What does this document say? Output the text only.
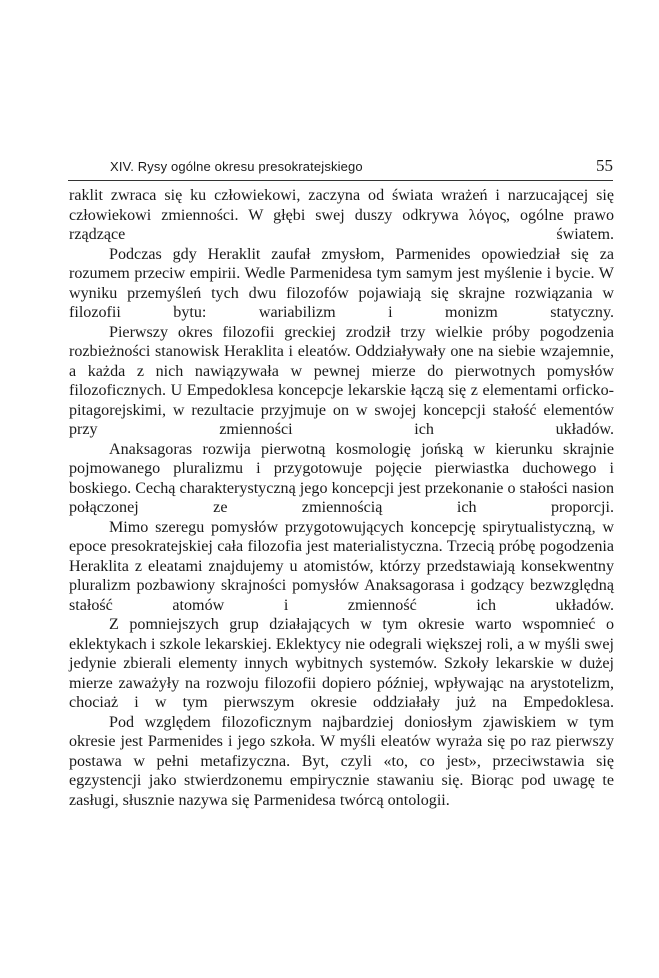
XIV. Rysy ogólne okresu presokratejskiego	55

raklit zwraca się ku człowiekowi, zaczyna od świata wrażeń i narzucającej się człowiekowi zmienności. W głębi swej duszy odkrywa λόγος, ogólne prawo rządzące światem.

Podczas gdy Heraklit zaufał zmysłom, Parmenides opowiedział się za rozumem przeciw empirii. Wedle Parmenidesa tym samym jest myślenie i bycie. W wyniku przemyśleń tych dwu filozofów pojawiają się skrajne rozwiązania w filozofii bytu: wariabilizm i monizm statyczny.

Pierwszy okres filozofii greckiej zrodził trzy wielkie próby pogodzenia rozbieżności stanowisk Heraklita i eleatów. Oddziaływały one na siebie wzajemnie, a każda z nich nawiązywała w pewnej mierze do pierwotnych pomysłów filozoficznych. U Empedoklesa koncepcje lekarskie łączą się z elementami orficko-pitagorejskimi, w rezultacie przyjmuje on w swojej koncepcji stałość elementów przy zmienności ich układów.

Anaksagoras rozwija pierwotną kosmologię jońską w kierunku skrajnie pojmowanego pluralizmu i przygotowuje pojęcie pierwiastka duchowego i boskiego. Cechą charakterystyczną jego koncepcji jest przekonanie o stałości nasion połączonej ze zmiennością ich proporcji.

Mimo szeregu pomysłów przygotowujących koncepcję spirytualistyczną, w epoce presokratejskiej cała filozofia jest materialistyczna. Trzecią próbę pogodzenia Heraklita z eleatami znajdujemy u atomistów, którzy przedstawiają konsekwentny pluralizm pozbawiony skrajności pomysłów Anaksagorasa i godzący bezwzględną stałość atomów i zmienność ich układów.

Z pomniejszych grup działających w tym okresie warto wspomnieć o eklektykach i szkole lekarskiej. Eklektycy nie odegrali większej roli, a w myśli swej jedynie zbierali elementy innych wybitnych systemów. Szkoły lekarskie w dużej mierze zaważyły na rozwoju filozofii dopiero później, wpływając na arystotelizm, chociaż i w tym pierwszym okresie oddziałały już na Empedoklesa.

Pod względem filozoficznym najbardziej doniosłym zjawiskiem w tym okresie jest Parmenides i jego szkoła. W myśli eleatów wyraża się po raz pierwszy postawa w pełni metafizyczna. Byt, czyli «to, co jest», przeciwstawia się egzystencji jako stwierdzonemu empirycznie stawaniu się. Biorąc pod uwagę te zasługi, słusznie nazywa się Parmenidesa twórcą ontologii.
